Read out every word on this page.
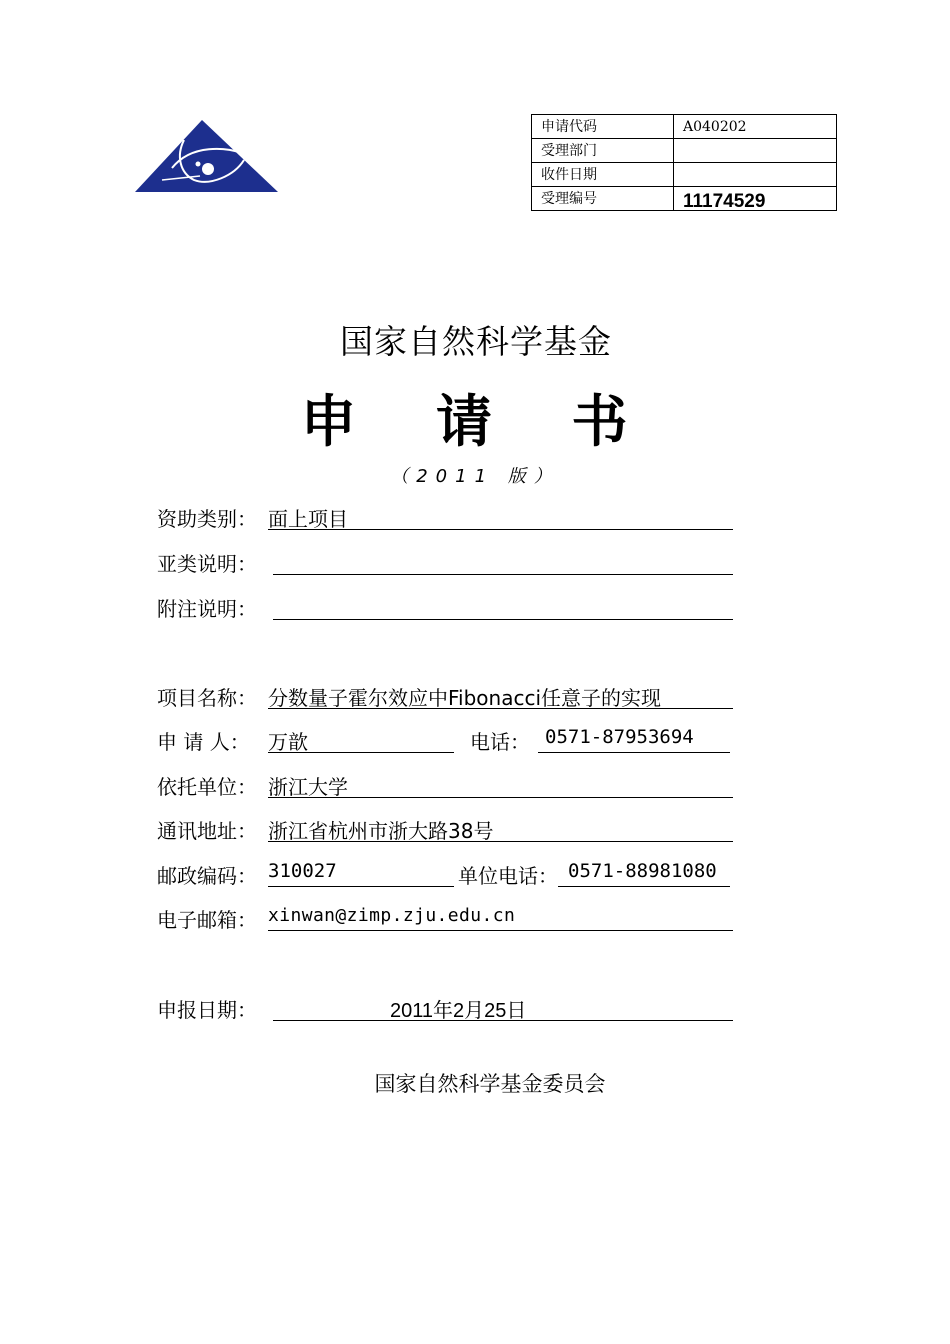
申请代码	A040202
受理部门	
收件日期	
受理编号	11174529
国家自然科学基金
申 请 书
（2011 版）
资助类别： 面上项目
亚类说明：
附注说明：
项目名称： 分数量子霍尔效应中Fibonacci任意子的实现
申 请 人： 万歆	电话： 0571-87953694
依托单位： 浙江大学
通讯地址： 浙江省杭州市浙大路38号
邮政编码： 310027	单位电话： 0571-88981080
电子邮箱： xinwan@zimp.zju.edu.cn
申报日期：	2011年2月25日
国家自然科学基金委员会
